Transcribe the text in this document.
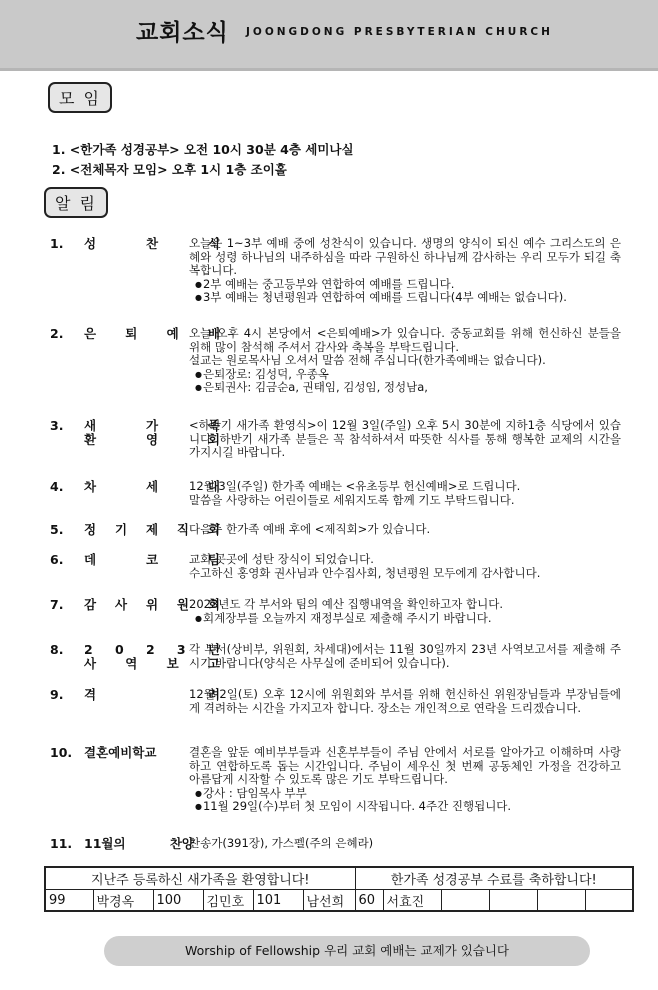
교회소식 JOONGDONG PRESBYTERIAN CHURCH
모 임
1. <한가족 성경공부> 오전 10시 30분 4층 세미나실
2. <전체목자 모임> 오후 1시 1층 조이홀
알 림
1. 성 찬 식

오늘은 1~3부 예배 중에 성찬식이 있습니다. 생명의 양식이 되신 예수 그리스도의 은혜와 성령 하나님의 내주하심을 따라 구원하신 하나님께 감사하는 우리 모두가 되길 축복합니다.

● 2부 예배는 중고등부와 연합하여 예배를 드립니다.

● 3부 예배는 청년평원과 연합하여 예배를 드립니다(4부 예배는 없습니다).

2. 은 퇴 예 배

오늘 오후 4시 본당에서 <은퇴예배>가 있습니다. 중동교회를 위해 헌신하신 분들을 위해 많이 참석해 주셔서 감사와 축복을 부탁드립니다.

설교는 원로목사님 오셔서 말씀 전해 주십니다(한가족예배는 없습니다).

● 은퇴장로: 김성덕, 우종옥

● 은퇴권사: 김금순a, 권태임, 김성임, 정성남a,

3. 새 가 족
환 영 회

<하반기 새가족 환영식>이 12월 3일(주일) 오후 5시 30분에 지하1층 식당에서 있습니다. 하반기 새가족 분들은 꼭 참석하셔서 따뜻한 식사를 통해 행복한 교제의 시간을 가지시길 바랍니다.

4. 차 세 대

12월 3일(주일) 한가족 예배는 <유초등부 헌신예배>로 드립니다.

말씀을 사랑하는 어린이들로 세워지도록 함께 기도 부탁드립니다.

5. 정 기 제 직 회

다음주 한가족 예배 후에 <제직회>가 있습니다.

6. 데 코 팀

교회 곳곳에 성탄 장식이 되었습니다.

수고하신 홍영화 권사님과 안수집사회, 청년평원 모두에게 감사합니다.

7. 감 사 위 원 회

2023년도 각 부서와 팀의 예산 집행내역을 확인하고자 합니다.

● 회계장부를 오늘까지 재정부실로 제출해 주시기 바랍니다.

8. 2 0 2 3 년
사 역 보 고

각 부서(상비부, 위원회, 차세대)에서는 11월 30일까지 23년 사역보고서를 제출해 주시기 바랍니다(양식은 사무실에 준비되어 있습니다).

9. 격 려

12월 2일(토) 오후 12시에 위원회와 부서를 위해 헌신하신 위원장님들과 부장님들에게 격려하는 시간을 가지고자 합니다. 장소는 개인적으로 연락을 드리겠습니다.

10. 결혼예비학교	결혼을 앞둔 예비부부들과 신혼부부들이 주님 안에서 서로를 알아가고 이해하며 사랑하고 연합하도록 돕는 시간입니다. 주님이 세우신 첫 번째 공동체인 가정을 건강하고 아름답게 시작할 수 있도록 많은 기도 부탁드립니다.

● 강사 : 담임목사 부부

● 11월 29일(수)부터 첫 모임이 시작됩니다. 4주간 진행됩니다.

11. 11월의 찬양

찬송가(391장), 가스펠(주의 은혜라)

지난주 등록하신 새가족을 환영합니다!						한가족 성경공부 수료를 축하합니다!					
99	박경옥	100	김민호	101	남선희	60	서효진				
Worship of Fellowship 우리 교회 예배는 교제가 있습니다
